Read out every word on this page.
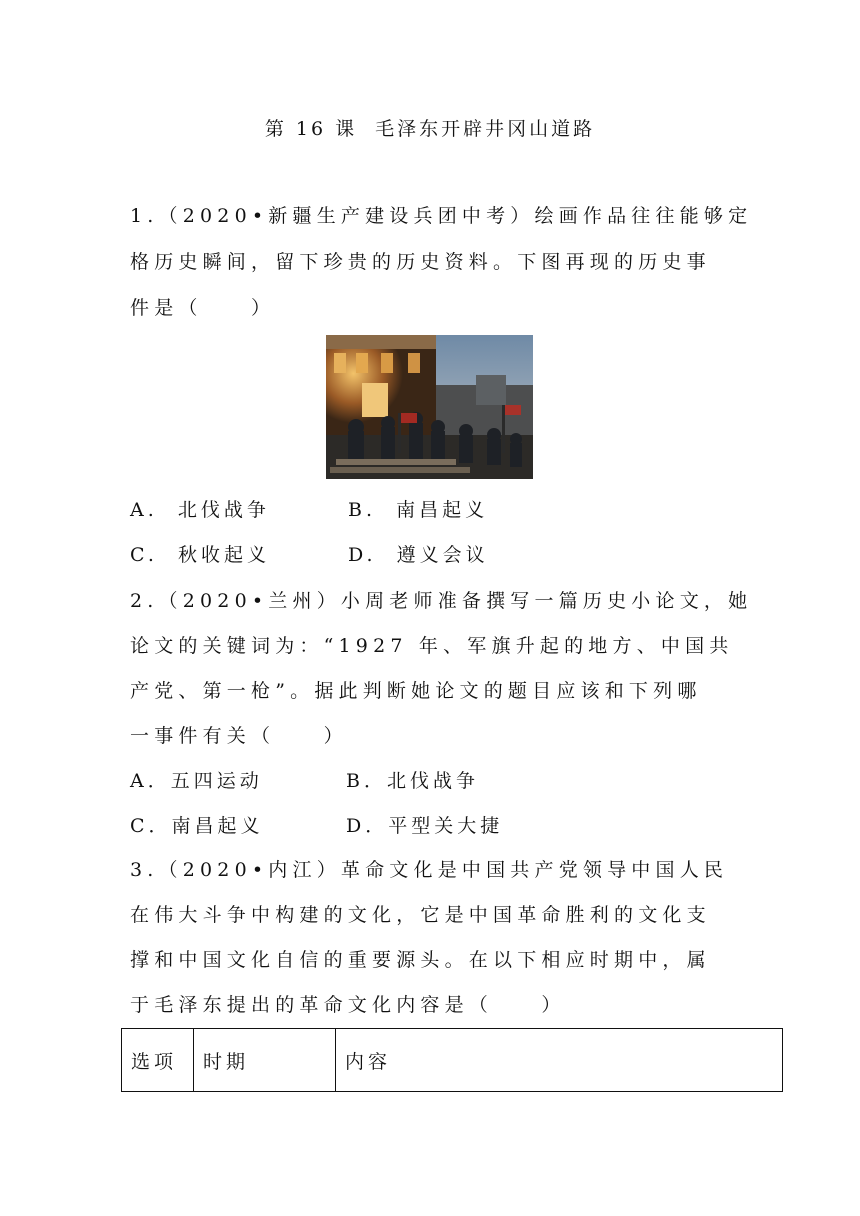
第 16 课  毛泽东开辟井冈山道路
1.（2020•新疆生产建设兵团中考）绘画作品往往能够定
格历史瞬间，留下珍贵的历史资料。下图再现的历史事
件是（　　）
A.  北伐战争	B.  南昌起义
C.  秋收起义	D.  遵义会议
2.（2020•兰州）小周老师准备撰写一篇历史小论文，她
论文的关键词为：“1927 年、军旗升起的地方、中国共
产党、第一枪”。据此判断她论文的题目应该和下列哪
一事件有关（　　）
A．五四运动	B．北伐战争
C．南昌起义	D．平型关大捷
3.（2020•内江）革命文化是中国共产党领导中国人民
在伟大斗争中构建的文化，它是中国革命胜利的文化支
撑和中国文化自信的重要源头。在以下相应时期中，属
于毛泽东提出的革命文化内容是（　　）
选项	时期	内容
